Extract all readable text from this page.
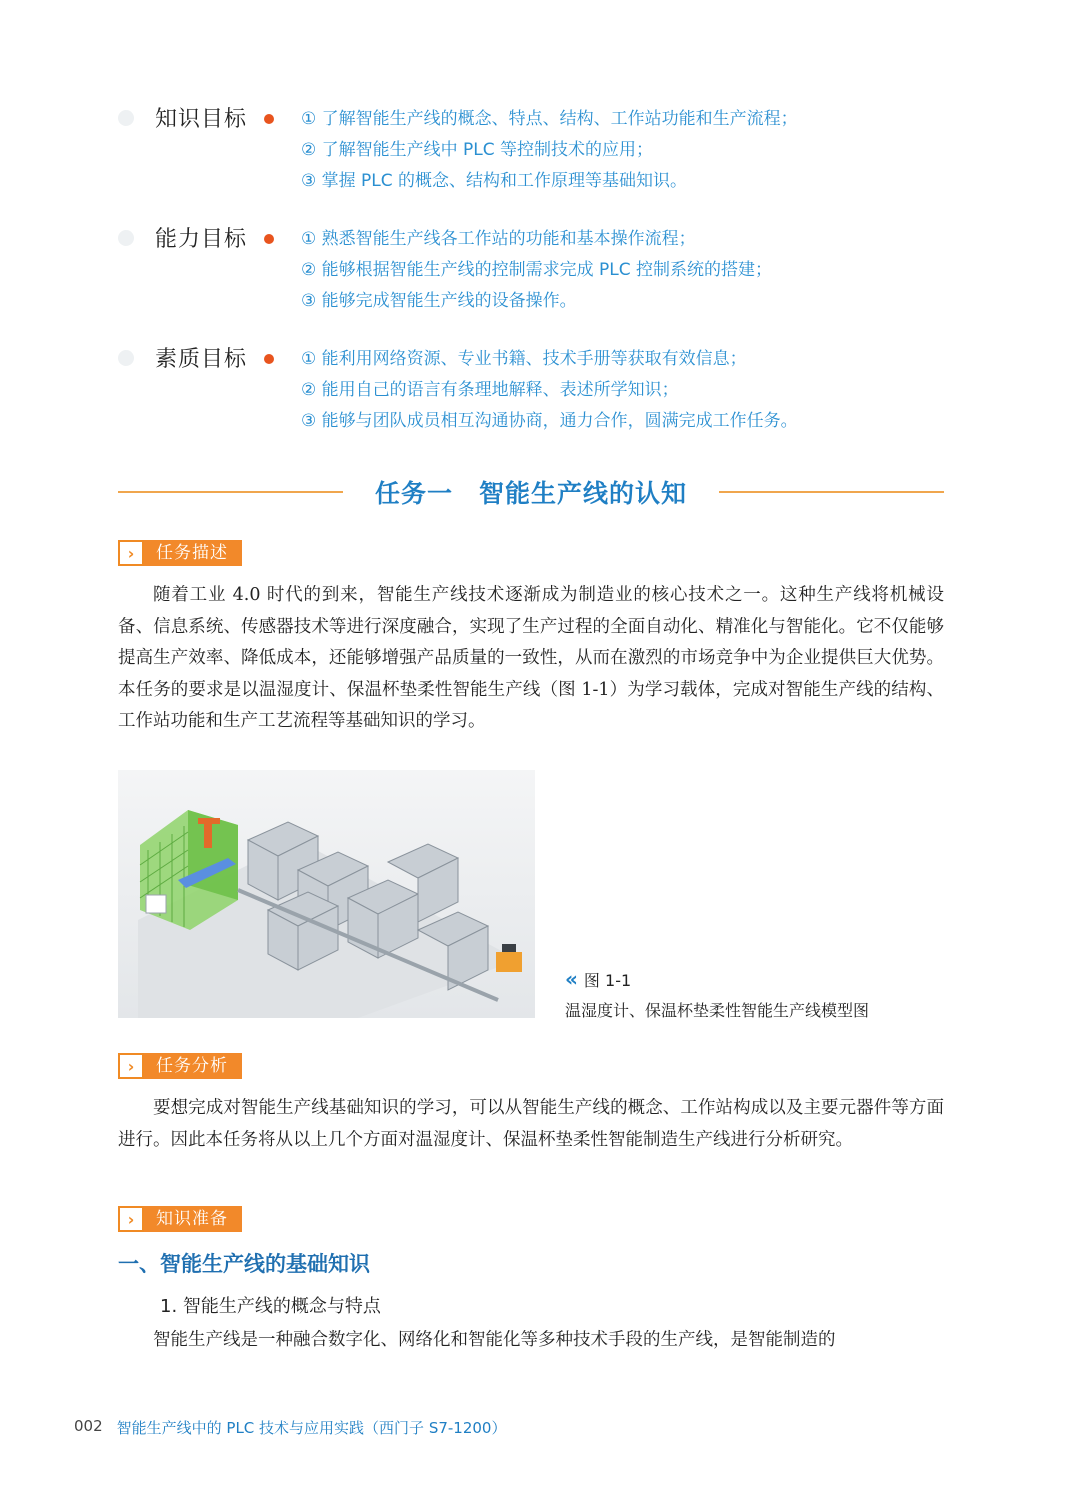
知识目标	① 了解智能生产线的概念、特点、结构、工作站功能和生产流程；
② 了解智能生产线中 PLC 等控制技术的应用；
③ 掌握 PLC 的概念、结构和工作原理等基础知识。
能力目标	① 熟悉智能生产线各工作站的功能和基本操作流程；
② 能够根据智能生产线的控制需求完成 PLC 控制系统的搭建；
③ 能够完成智能生产线的设备操作。
素质目标	① 能利用网络资源、专业书籍、技术手册等获取有效信息；
② 能用自己的语言有条理地解释、表述所学知识；
③ 能够与团队成员相互沟通协商，通力合作，圆满完成工作任务。
任务一　智能生产线的认知
›	任务描述

随着工业 4.0 时代的到来，智能生产线技术逐渐成为制造业的核心技术之一。这种生产线将机械设备、信息系统、传感器技术等进行深度融合，实现了生产过程的全面自动化、精准化与智能化。它不仅能够提高生产效率、降低成本，还能够增强产品质量的一致性，从而在激烈的市场竞争中为企业提供巨大优势。本任务的要求是以温湿度计、保温杯垫柔性智能生产线（图 1-1）为学习载体，完成对智能生产线的结构、工作站功能和生产工艺流程等基础知识的学习。

« 图 1-1
温湿度计、保温杯垫柔性智能生产线模型图
›	任务分析

要想完成对智能生产线基础知识的学习，可以从智能生产线的概念、工作站构成以及主要元器件等方面进行。因此本任务将从以上几个方面对温湿度计、保温杯垫柔性智能制造生产线进行分析研究。

›	知识准备
一、智能生产线的基础知识
1. 智能生产线的概念与特点

智能生产线是一种融合数字化、网络化和智能化等多种技术手段的生产线，是智能制造的

002 智能生产线中的 PLC 技术与应用实践（西门子 S7-1200）
